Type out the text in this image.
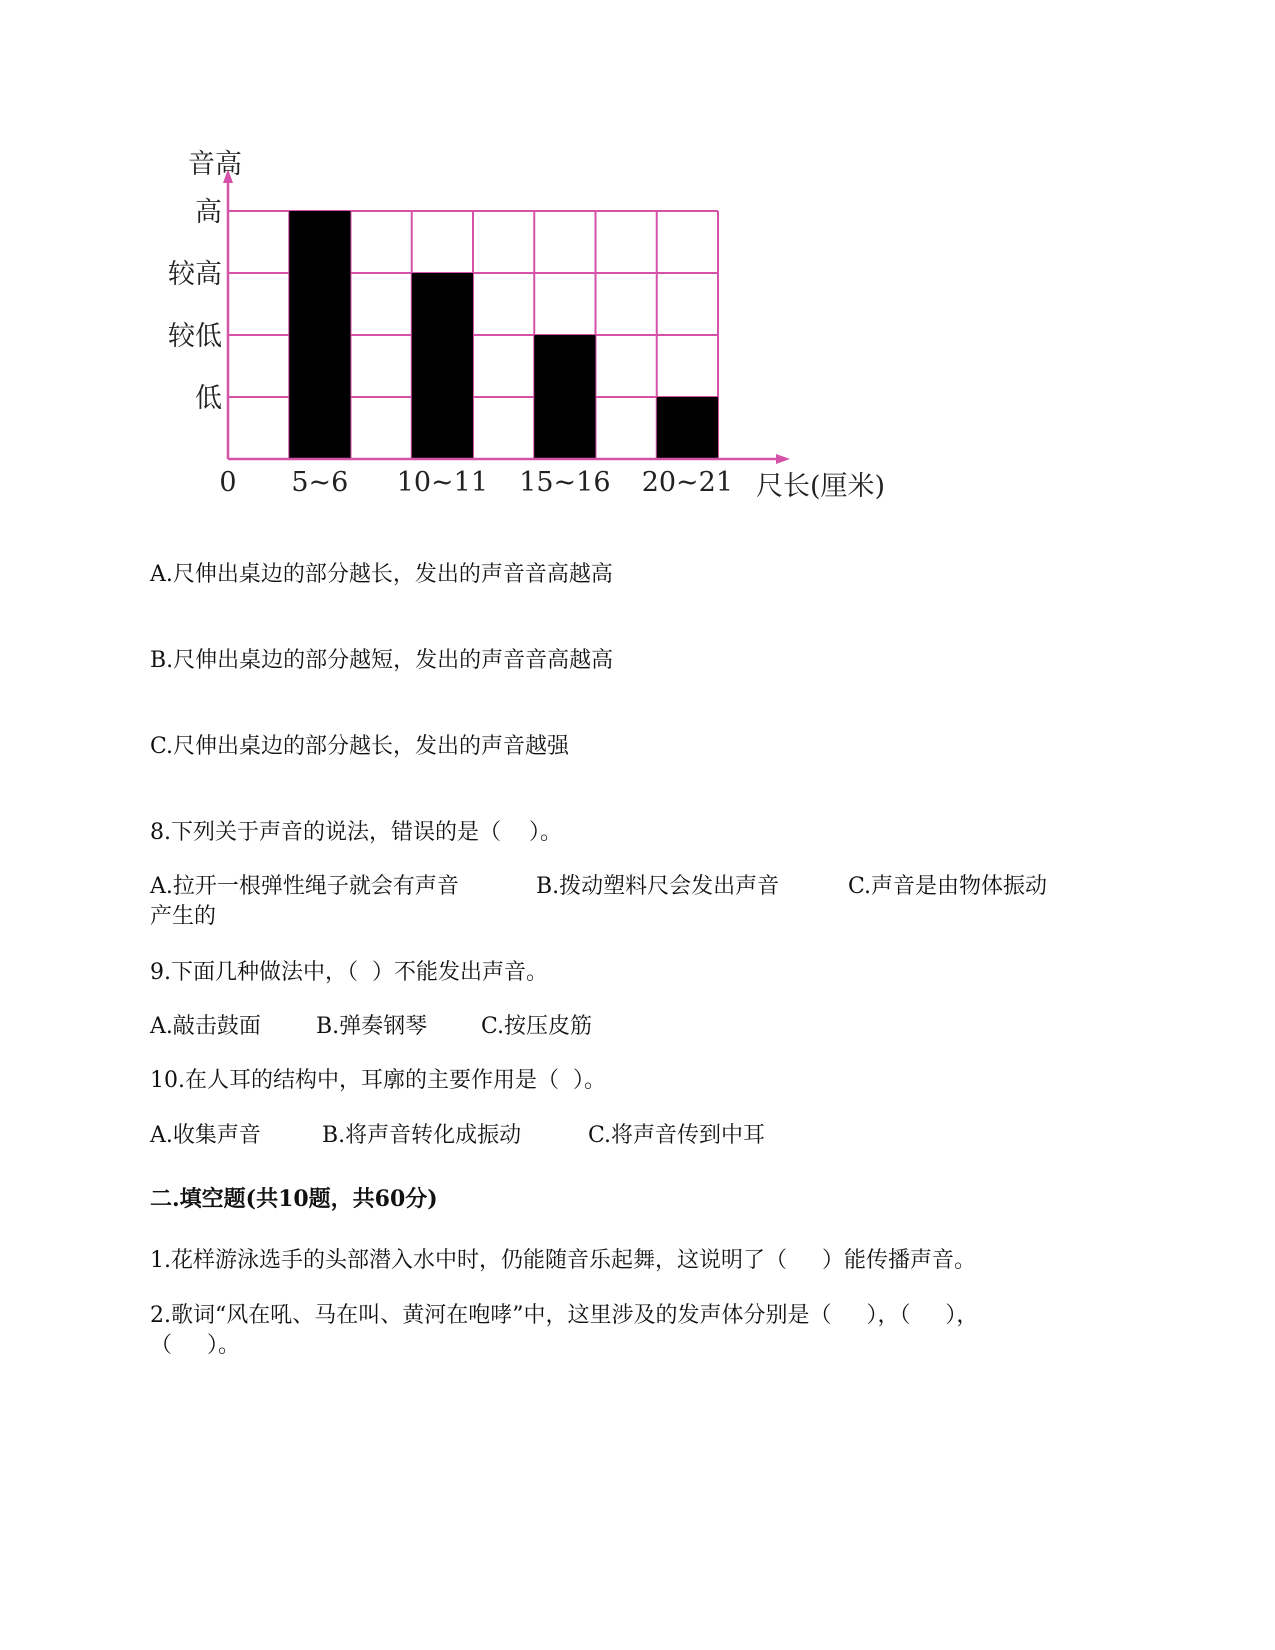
低
较低
较高
高
音高
0 5~6 10~11 15~16 20~21 尺长(厘米)
A.尺伸出桌边的部分越长，发出的声音音高越高
B.尺伸出桌边的部分越短，发出的声音音高越高
C.尺伸出桌边的部分越长，发出的声音越强
8.下列关于声音的说法，错误的是（    ）。
A.拉开一根弹性绳子就会有声音	B.拨动塑料尺会发出声音	C.声音是由物体振动
产生的
9.下面几种做法中，（  ）不能发出声音。
A.敲击鼓面	B.弹奏钢琴 C.按压皮筋
10.在人耳的结构中，耳廓的主要作用是（  ）。
A.收集声音	B.将声音转化成振动	C.将声音传到中耳
二.填空题(共10题，共60分)
1.花样游泳选手的头部潜入水中时，仍能随音乐起舞，这说明了（     ）能传播声音。
2.歌词“风在吼、马在叫、黄河在咆哮”中，这里涉及的发声体分别是（     ），（     ），
（     ）。
